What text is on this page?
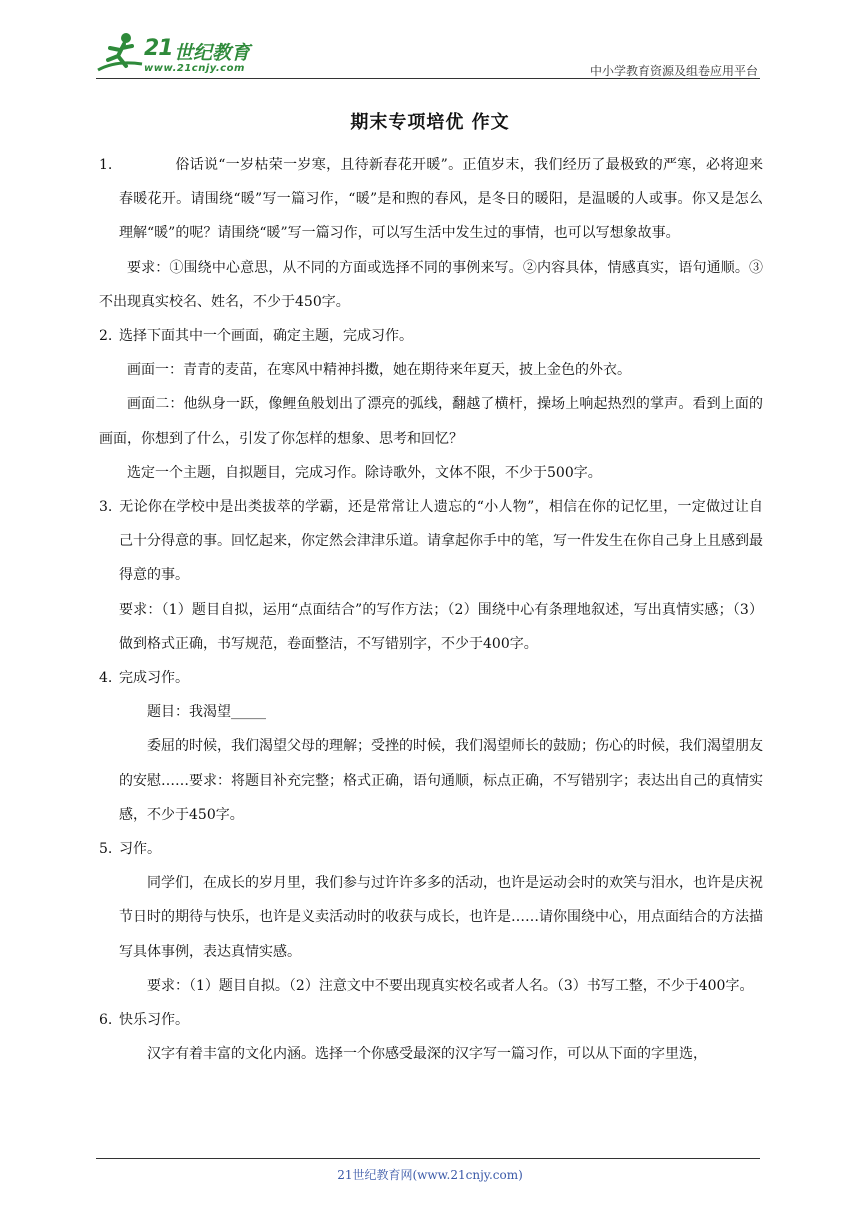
21 世纪教育
www.21cnjy.com	中小学教育资源及组卷应用平台
期末专项培优 作文

1.	俗话说“一岁枯荣一岁寒，且待新春花开暖”。正值岁末，我们经历了最极致的严寒，必将迎来春暖花开。请围绕“暖”写一篇习作，“暖”是和煦的春风，是冬日的暖阳，是温暖的人或事。你又是怎么理解“暖”的呢？请围绕“暖”写一篇习作，可以写生活中发生过的事情，也可以写想象故事。

要求：①围绕中心意思，从不同的方面或选择不同的事例来写。②内容具体，情感真实，语句通顺。③不出现真实校名、姓名，不少于450字。

2. 选择下面其中一个画面，确定主题，完成习作。

画面一：青青的麦苗，在寒风中精神抖擞，她在期待来年夏天，披上金色的外衣。

画面二：他纵身一跃，像鲤鱼般划出了漂亮的弧线，翻越了横杆，操场上响起热烈的掌声。看到上面的画面，你想到了什么，引发了你怎样的想象、思考和回忆？

选定一个主题，自拟题目，完成习作。除诗歌外，文体不限，不少于500字。

3. 无论你在学校中是出类拔萃的学霸，还是常常让人遗忘的“小人物”，相信在你的记忆里，一定做过让自己十分得意的事。回忆起来，你定然会津津乐道。请拿起你手中的笔，写一件发生在你自己身上且感到最得意的事。

要求：（1）题目自拟，运用“点面结合”的写作方法；（2）围绕中心有条理地叙述，写出真情实感；（3）做到格式正确，书写规范，卷面整洁，不写错别字，不少于400字。

4. 完成习作。

题目：我渴望_____

委屈的时候，我们渴望父母的理解；受挫的时候，我们渴望师长的鼓励；伤心的时候，我们渴望朋友的安慰……要求：将题目补充完整；格式正确，语句通顺，标点正确，不写错别字；表达出自己的真情实感，不少于450字。

5. 习作。

同学们，在成长的岁月里，我们参与过许许多多的活动，也许是运动会时的欢笑与泪水，也许是庆祝节日时的期待与快乐，也许是义卖活动时的收获与成长，也许是……请你围绕中心，用点面结合的方法描写具体事例，表达真情实感。

要求：（1）题目自拟。（2）注意文中不要出现真实校名或者人名。（3）书写工整，不少于400字。

6. 快乐习作。

汉字有着丰富的文化内涵。选择一个你感受最深的汉字写一篇习作，可以从下面的字里选，

21世纪教育网(www.21cnjy.com)
